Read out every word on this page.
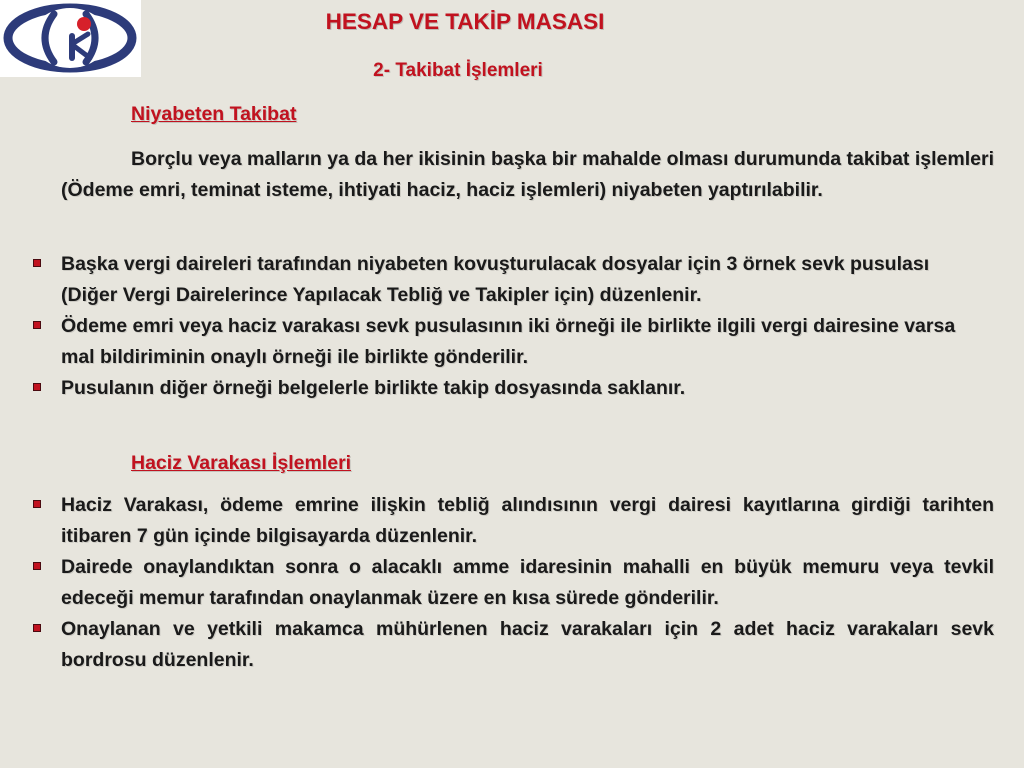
HESAP VE TAKİP MASASI
2- Takibat İşlemleri
Niyabeten Takibat

Borçlu veya malların ya da her ikisinin başka bir mahalde olması durumunda takibat işlemleri (Ödeme emri, teminat isteme, ihtiyati haciz, haciz işlemleri) niyabeten yaptırılabilir.

Başka vergi daireleri tarafından niyabeten kovuşturulacak dosyalar için 3 örnek sevk pusulası (Diğer Vergi Dairelerince Yapılacak Tebliğ ve Takipler için) düzenlenir.
Ödeme emri veya haciz varakası sevk pusulasının iki örneği ile birlikte ilgili vergi dairesine varsa mal bildiriminin onaylı örneği ile birlikte gönderilir.
Pusulanın diğer örneği belgelerle birlikte takip dosyasında saklanır.
Haciz Varakası İşlemleri
Haciz Varakası, ödeme emrine ilişkin tebliğ alındısının vergi dairesi kayıtlarına girdiği tarihten itibaren 7 gün içinde bilgisayarda düzenlenir.
Dairede onaylandıktan sonra o alacaklı amme idaresinin mahalli en büyük memuru veya tevkil edeceği memur tarafından onaylanmak üzere en kısa sürede gönderilir.
Onaylanan ve yetkili makamca mühürlenen haciz varakaları için 2 adet haciz varakaları sevk bordrosu düzenlenir.
